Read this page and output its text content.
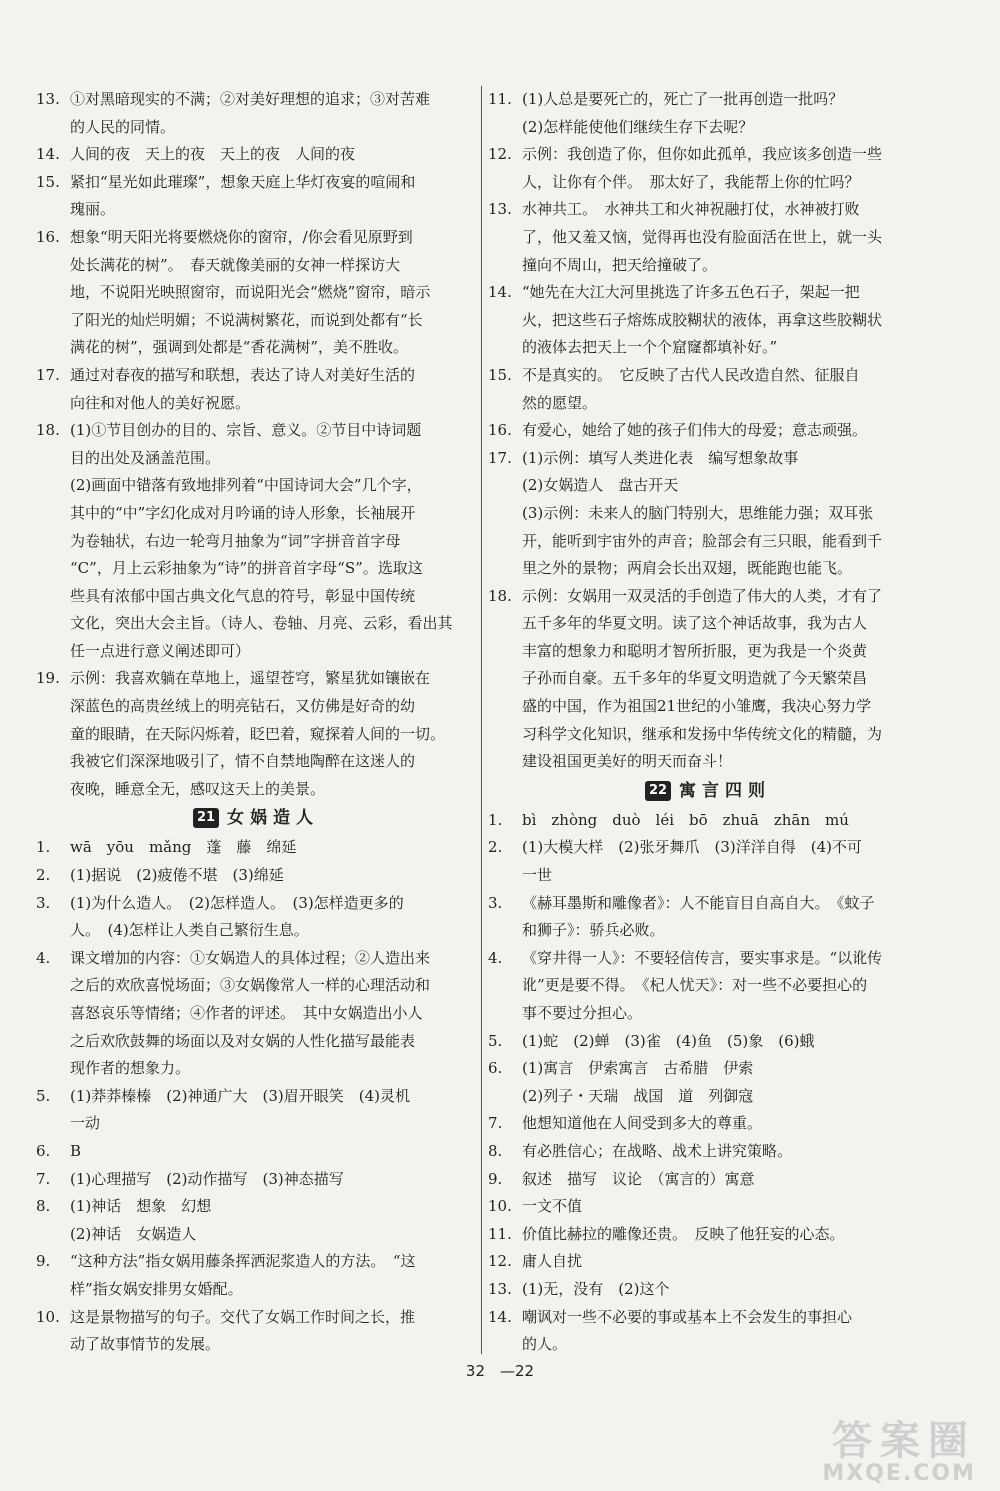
13. ①对黑暗现实的不满；②对美好理想的追求；③对苦难
的人民的同情。
14. 人间的夜　天上的夜　天上的夜　人间的夜
15. 紧扣“星光如此璀璨”，想象天庭上华灯夜宴的喧闹和
瑰丽。
16. 想象“明天阳光将要燃烧你的窗帘，/你会看见原野到
处长满花的树”。　春天就像美丽的女神一样探访大
地，不说阳光映照窗帘，而说阳光会“燃烧”窗帘，暗示
了阳光的灿烂明媚；不说满树繁花，而说到处都有“长
满花的树”，强调到处都是“香花满树”，美不胜收。
17. 通过对春夜的描写和联想，表达了诗人对美好生活的
向往和对他人的美好祝愿。
18. (1)①节目创办的目的、宗旨、意义。②节目中诗词题
目的出处及涵盖范围。
(2)画面中错落有致地排列着“中国诗词大会”几个字，
其中的“中”字幻化成对月吟诵的诗人形象，长袖展开
为卷轴状，右边一轮弯月抽象为“词”字拼音首字母
“C”，月上云彩抽象为“诗”的拼音首字母“S”。选取这
些具有浓郁中国古典文化气息的符号，彰显中国传统
文化，突出大会主旨。（诗人、卷轴、月亮、云彩，看出其
任一点进行意义阐述即可）
19. 示例：我喜欢躺在草地上，遥望苍穹，繁星犹如镶嵌在
深蓝色的高贵丝绒上的明亮钻石，又仿佛是好奇的幼
童的眼睛，在天际闪烁着，眨巴着，窥探着人间的一切。
我被它们深深地吸引了，情不自禁地陶醉在这迷人的
夜晚，睡意全无，感叹这天上的美景。
21 女娲造人
1. wā　yōu　mǎng　蓬　藤　绵延
2. (1)据说　(2)疲倦不堪　(3)绵延
3. (1)为什么造人。　(2)怎样造人。　(3)怎样造更多的
人。　(4)怎样让人类自己繁衍生息。
4. 课文增加的内容：①女娲造人的具体过程；②人造出来
之后的欢欣喜悦场面；③女娲像常人一样的心理活动和
喜怒哀乐等情绪；④作者的评述。　其中女娲造出小人
之后欢欣鼓舞的场面以及对女娲的人性化描写最能表
现作者的想象力。
5. (1)莽莽榛榛　(2)神通广大　(3)眉开眼笑　(4)灵机
一动
6. B
7. (1)心理描写　(2)动作描写　(3)神态描写
8. (1)神话　想象　幻想
(2)神话　女娲造人
9. “这种方法”指女娲用藤条挥洒泥浆造人的方法。　“这
样”指女娲安排男女婚配。
10. 这是景物描写的句子。交代了女娲工作时间之长，推
动了故事情节的发展。
11. (1)人总是要死亡的，死亡了一批再创造一批吗？
(2)怎样能使他们继续生存下去呢？
12. 示例：我创造了你，但你如此孤单，我应该多创造一些
人，让你有个伴。　那太好了，我能帮上你的忙吗？
13. 水神共工。　水神共工和火神祝融打仗，水神被打败
了，他又羞又恼，觉得再也没有脸面活在世上，就一头
撞向不周山，把天给撞破了。
14. “她先在大江大河里挑选了许多五色石子，架起一把
火，把这些石子熔炼成胶糊状的液体，再拿这些胶糊状
的液体去把天上一个个窟窿都填补好。”
15. 不是真实的。　它反映了古代人民改造自然、征服自
然的愿望。
16. 有爱心，她给了她的孩子们伟大的母爱；意志顽强。
17. (1)示例：填写人类进化表　编写想象故事
(2)女娲造人　盘古开天
(3)示例：未来人的脑门特别大，思维能力强；双耳张
开，能听到宇宙外的声音；脸部会有三只眼，能看到千
里之外的景物；两肩会长出双翅，既能跑也能飞。
18. 示例：女娲用一双灵活的手创造了伟大的人类，才有了
五千多年的华夏文明。读了这个神话故事，我为古人
丰富的想象力和聪明才智所折服，更为我是一个炎黄
子孙而自豪。五千多年的华夏文明造就了今天繁荣昌
盛的中国，作为祖国21世纪的小雏鹰，我决心努力学
习科学文化知识，继承和发扬中华传统文化的精髓，为
建设祖国更美好的明天而奋斗！
22 寓言四则
1. bì　zhòng　duò　léi　bō　zhuā　zhān　mú
2. (1)大模大样　(2)张牙舞爪　(3)洋洋自得　(4)不可
一世
3. 《赫耳墨斯和雕像者》：人不能盲目自高自大。　《蚊子
和狮子》：骄兵必败。
4. 《穿井得一人》：不要轻信传言，要实事求是。“以讹传
讹”更是要不得。　《杞人忧天》：对一些不必要担心的
事不要过分担心。
5. (1)蛇　(2)蝉　(3)雀　(4)鱼　(5)象　(6)蛾
6. (1)寓言　伊索寓言　古希腊　伊索
(2)列子・天瑞　战国　道　列御寇
7. 他想知道他在人间受到多大的尊重。
8. 有必胜信心；在战略、战术上讲究策略。
9. 叙述　描写　议论　（寓言的）寓意
10. 一文不值
11. 价值比赫拉的雕像还贵。　反映了他狂妄的心态。
12. 庸人自扰
13. (1)无，没有　(2)这个
14. 嘲讽对一些不必要的事或基本上不会发生的事担心
的人。
32　—22
答案圈
MXQE.COM
